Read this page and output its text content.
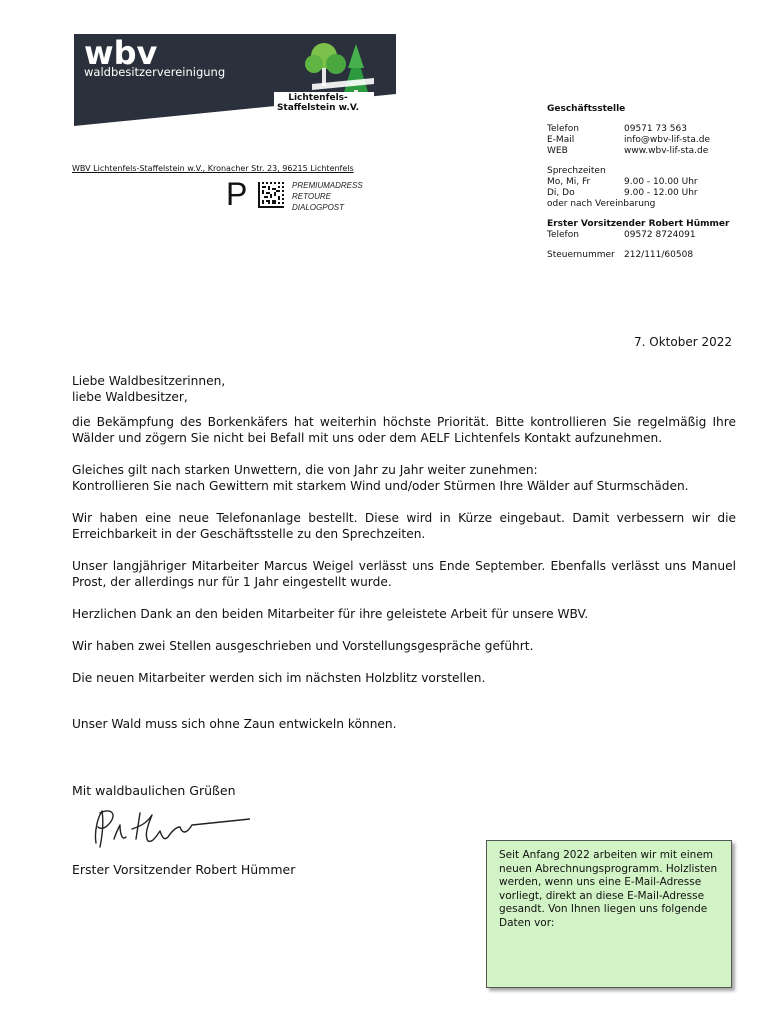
wbv
waldbesitzervereinigung
Lichtenfels-
Staffelstein w.V.	Geschäftsstelle
Telefon	09571 73 563
E-Mail	info@wbv-lif-sta.de
WEB	www.wbv-lif-sta.de
Sprechzeiten
Mo, Mi, Fr	9.00 - 10.00 Uhr
Di, Do	9.00 - 12.00 Uhr
oder nach Vereinbarung
Erster Vorsitzender Robert Hümmer
Telefon	09572 8724091
Steuernummer	212/111/60508
WBV Lichtenfels-Staffelstein w.V., Kronacher Str. 23, 96215 Lichtenfels
P	PREMIUMADRESS
RETOURE
DIALOGPOST
7. Oktober 2022

Liebe Waldbesitzerinnen,

liebe Waldbesitzer,

die Bekämpfung des Borkenkäfers hat weiterhin höchste Priorität. Bitte kontrollieren Sie regelmäßig Ihre Wälder und zögern Sie nicht bei Befall mit uns oder dem AELF Lichtenfels Kontakt aufzunehmen.

Gleiches gilt nach starken Unwettern, die von Jahr zu Jahr weiter zunehmen:

Kontrollieren Sie nach Gewittern mit starkem Wind und/oder Stürmen Ihre Wälder auf Sturmschäden.

Wir haben eine neue Telefonanlage bestellt. Diese wird in Kürze eingebaut. Damit verbessern wir die Erreichbarkeit in der Geschäftsstelle zu den Sprechzeiten.

Unser langjähriger Mitarbeiter Marcus Weigel verlässt uns Ende September. Ebenfalls verlässt uns Manuel Prost, der allerdings nur für 1 Jahr eingestellt wurde.

Herzlichen Dank an den beiden Mitarbeiter für ihre geleistete Arbeit für unsere WBV.

Wir haben zwei Stellen ausgeschrieben und Vorstellungsgespräche geführt.

Die neuen Mitarbeiter werden sich im nächsten Holzblitz vorstellen.

Unser Wald muss sich ohne Zaun entwickeln können.

Mit waldbaulichen Grüßen
Erster Vorsitzender Robert Hümmer
Seit Anfang 2022 arbeiten wir mit einem neuen Abrechnungsprogramm. Holzlisten werden, wenn uns eine E-Mail-Adresse vorliegt, direkt an diese E-Mail-Adresse gesandt. Von Ihnen liegen uns folgende Daten vor:
